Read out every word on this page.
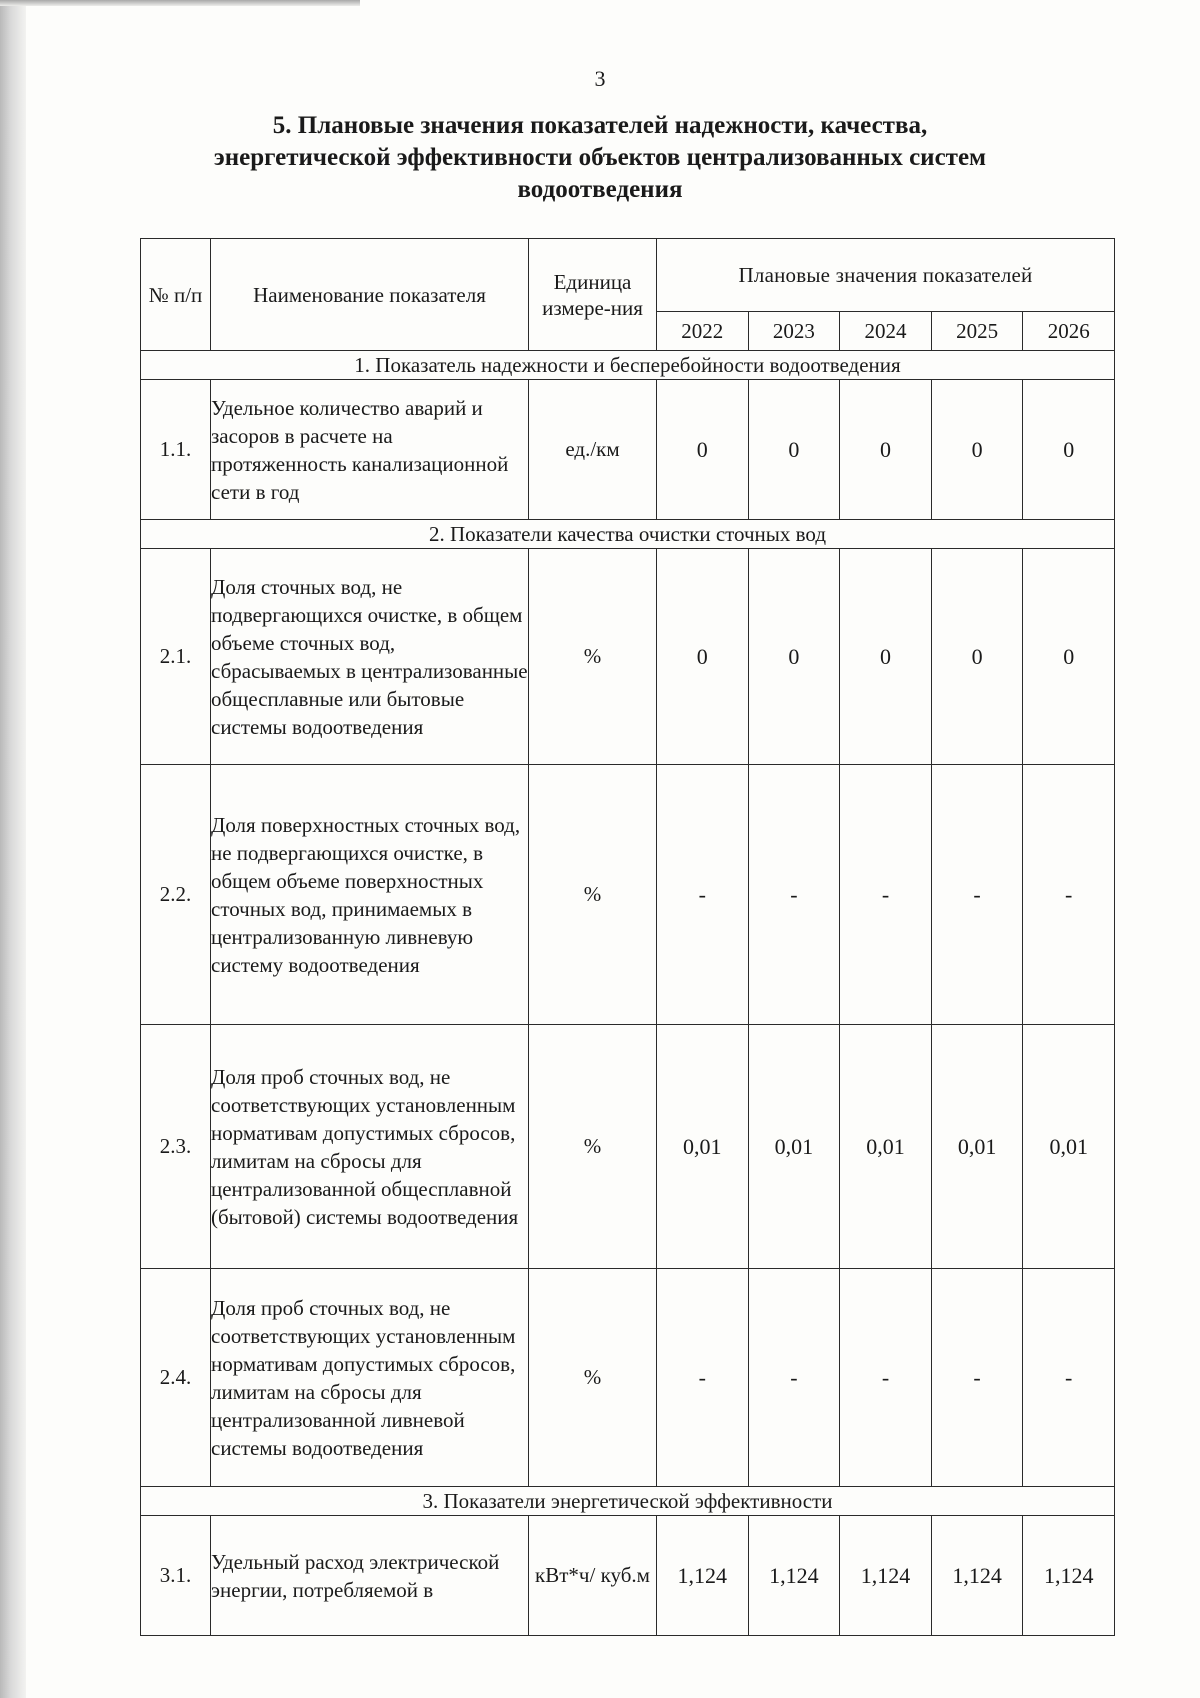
3
5. Плановые значения показателей надежности, качества,
энергетической эффективности объектов централизованных систем
водоотведения
№ п/п	Наименование показателя	Единица измере-ния	Плановые значения показателей				
			2022	2023	2024	2025	2026
1. Показатель надежности и бесперебойности водоотведения							
1.1.	Удельное количество аварий и засоров в расчете на протяженность канализационной сети в год	ед./км	0	0	0	0	0
2. Показатели качества очистки сточных вод							
2.1.	Доля сточных вод, не подвергающихся очистке, в общем объеме сточных вод, сбрасываемых в централизованные общесплавные или бытовые системы водоотведения	%	0	0	0	0	0
2.2.	Доля поверхностных сточных вод, не подвергающихся очистке, в общем объеме поверхностных сточных вод, принимаемых в централизованную ливневую систему водоотведения	%	-	-	-	-	-
2.3.	Доля проб сточных вод, не соответствующих установленным нормативам допустимых сбросов, лимитам на сбросы для централизованной общесплавной (бытовой) системы водоотведения	%	0,01	0,01	0,01	0,01	0,01
2.4.	Доля проб сточных вод, не соответствующих установленным нормативам допустимых сбросов, лимитам на сбросы для централизованной ливневой системы водоотведения	%	-	-	-	-	-
3. Показатели энергетической эффективности							
3.1.	Удельный расход электрической энергии, потребляемой в	кВт*ч/ куб.м	1,124	1,124	1,124	1,124	1,124
